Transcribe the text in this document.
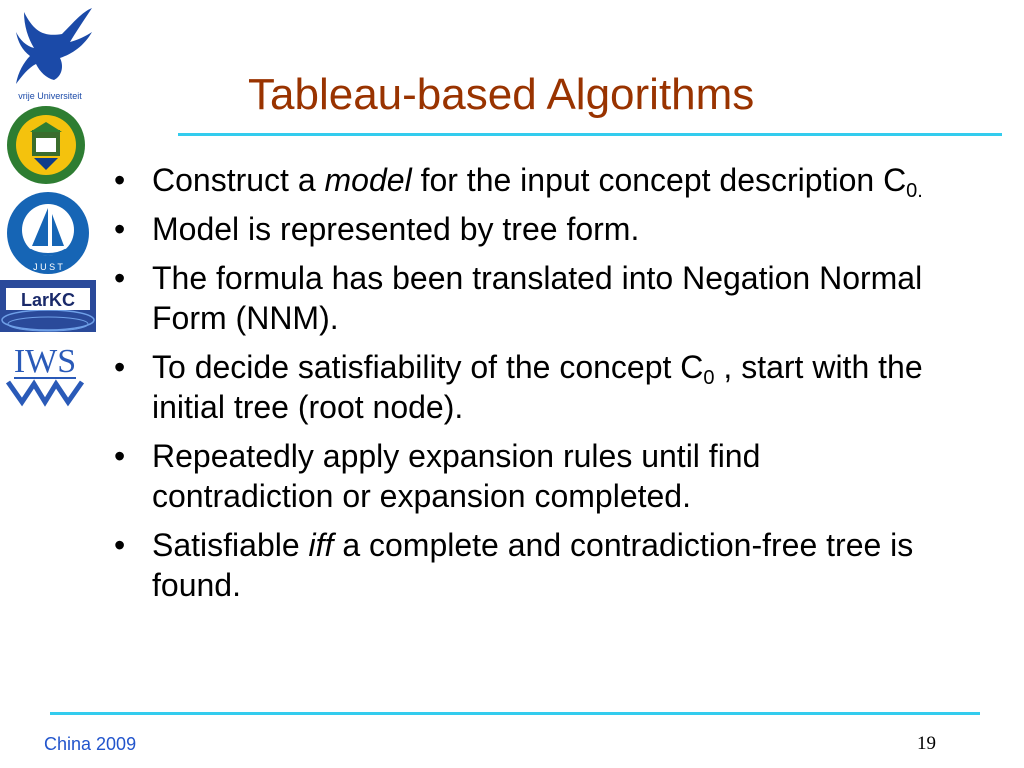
vrije Universiteit
J U S T
LarKC
IWS
Tableau-based Algorithms
• Construct a model for the input concept description $C_{0.}$
• Model is represented by tree form.
• The formula has been translated into Negation Normal Form (NNM).
• To decide satisfiability of the concept $C_0$ , start with the initial tree (root node).
• Repeatedly apply expansion rules until find contradiction or expansion completed.
• Satisfiable iff a complete and contradiction-free tree is found.
China 2009	19
